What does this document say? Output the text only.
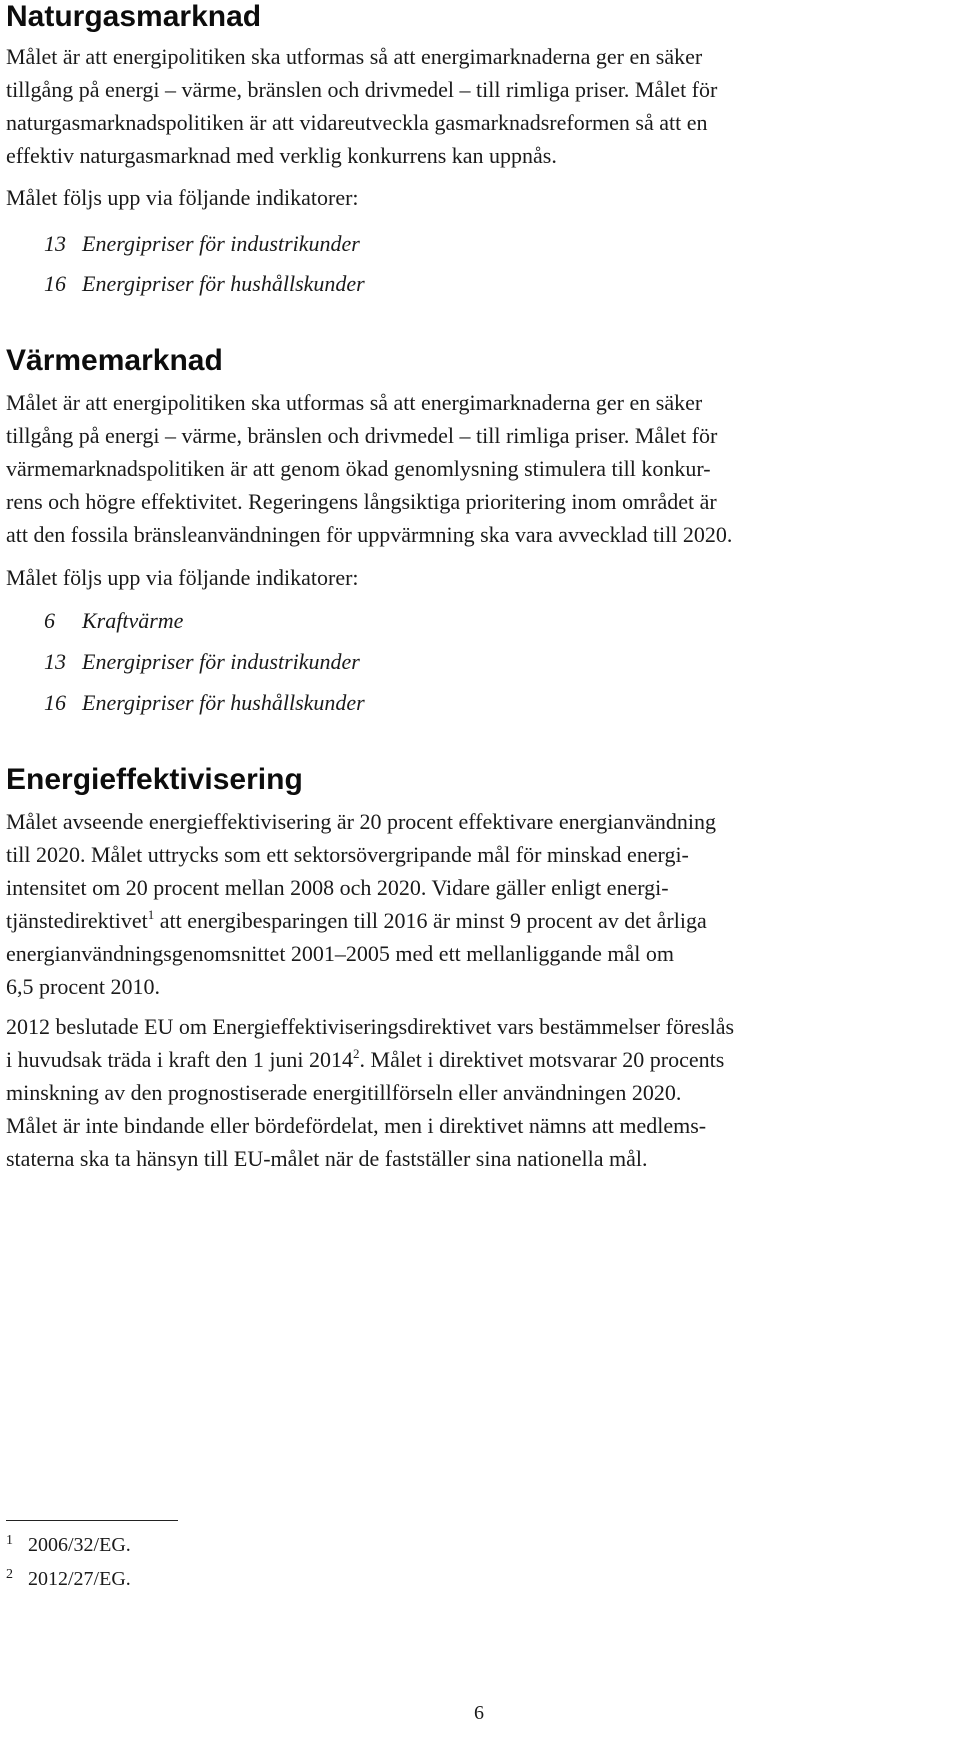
Naturgasmarknad

Målet är att energipolitiken ska utformas så att energimarknaderna ger en säker
tillgång på energi – värme, bränslen och drivmedel – till rimliga priser. Målet för
naturgasmarknadspolitiken är att vidareutveckla gasmarknadsreformen så att en
effektiv naturgasmarknad med verklig konkurrens kan uppnås.

Målet följs upp via följande indikatorer:

13 Energipriser för industrikunder

16 Energipriser för hushållskunder

Värmemarknad

Målet är att energipolitiken ska utformas så att energimarknaderna ger en säker
tillgång på energi – värme, bränslen och drivmedel – till rimliga priser. Målet för
värmemarknadspolitiken är att genom ökad genomlysning stimulera till konkur-
rens och högre effektivitet. Regeringens långsiktiga prioritering inom området är
att den fossila bränsleanvändningen för uppvärmning ska vara avvecklad till 2020.

Målet följs upp via följande indikatorer:

6 Kraftvärme

13 Energipriser för industrikunder

16 Energipriser för hushållskunder

Energieffektivisering

Målet avseende energieffektivisering är 20 procent effektivare energianvändning
till 2020. Målet uttrycks som ett sektorsövergripande mål för minskad energi-
intensitet om 20 procent mellan 2008 och 2020. Vidare gäller enligt energi-
tjänstedirektivet$^1$ att energibesparingen till 2016 är minst 9 procent av det årliga
energianvändningsgenomsnittet 2001–2005 med ett mellanliggande mål om
6,5 procent 2010.

2012 beslutade EU om Energieffektiviseringsdirektivet vars bestämmelser föreslås
i huvudsak träda i kraft den 1 juni 2014$^2$. Målet i direktivet motsvarar 20 procents
minskning av den prognostiserade energitillförseln eller användningen 2020.
Målet är inte bindande eller bördefördelat, men i direktivet nämns att medlems-
staterna ska ta hänsyn till EU-målet när de fastställer sina nationella mål.

1 2006/32/EG.

2 2012/27/EG.

6
